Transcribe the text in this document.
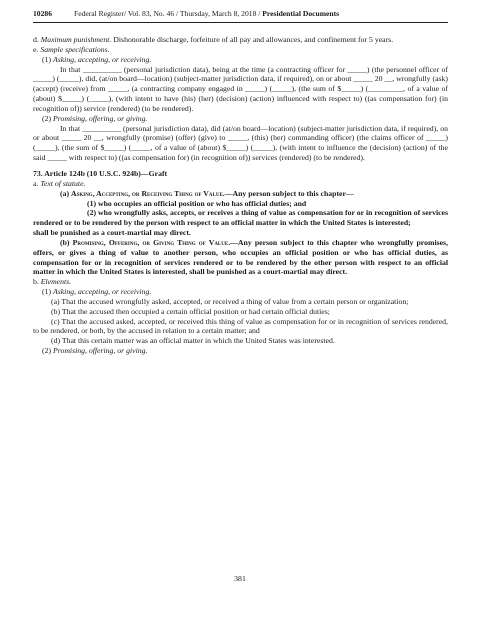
10286	Federal Register/ Vol. 83, No. 46 / Thursday, March 8, 2018 / Presidential Documents

d. Maximum punishment. Dishonorable discharge, forfeiture of all pay and allowances, and confinement for 5 years.

e. Sample specifications.

(1) Asking, accepting, or receiving.

In that __________ (personal jurisdiction data), being at the time (a contracting officer for _____) (the personnel officer of _____) (_____), did, (at/on board—location) (subject-matter jurisdiction data, if required), on or about _____ 20 __, wrongfully (ask) (accept) (receive) from _____, (a contracting company engaged in _____) (_____), (the sum of $_____) (_________, of a value of (about) $_____) (_____), (with intent to have (his) (her) (decision) (action) influenced with respect to) ((as compensation for) (in recognition of)) service (rendered) (to be rendered).

(2) Promising, offering, or giving.

In that __________ (personal jurisdiction data), did (at/on board—location) (subject-matter jurisdiction data, if required), on or about _____ 20 __, wrongfully (promise) (offer) (give) to _____, (this) (her) commanding officer) (the claims officer of _____) (_____), (the sum of $_____) (_____, of a value of (about) $_____) (_____), (with intent to influence the (decision) (action) of the said _____ with respect to) ((as compensation for) (in recognition of)) services (rendered) (to be rendered).

73. Article 124b (10 U.S.C. 924b)—Graft

a. Text of statute.

(a) Asking, Accepting, or Receiving Thing of Value.—Any person subject to this chapter—

(1) who occupies an official position or who has official duties; and

(2) who wrongfully asks, accepts, or receives a thing of value as compensation for or in recognition of services rendered or to be rendered by the person with respect to an official matter in which the United States is interested;

shall be punished as a court-martial may direct.

(b) Promising, Offering, or Giving Thing of Value.—Any person subject to this chapter who wrongfully promises, offers, or gives a thing of value to another person, who occupies an official position or who has official duties, as compensation for or in recognition of services rendered or to be rendered by the other person with respect to an official matter in which the United States is interested, shall be punished as a court-martial may direct.

b. Elements.

(1) Asking, accepting, or receiving.

(a) That the accused wrongfully asked, accepted, or received a thing of value from a certain person or organization;

(b) That the accused then occupied a certain official position or had certain official duties;

(c) That the accused asked, accepted, or received this thing of value as compensation for or in recognition of services rendered, to be rendered, or both, by the accused in relation to a certain matter; and

(d) That this certain matter was an official matter in which the United States was interested.

(2) Promising, offering, or giving.

381
